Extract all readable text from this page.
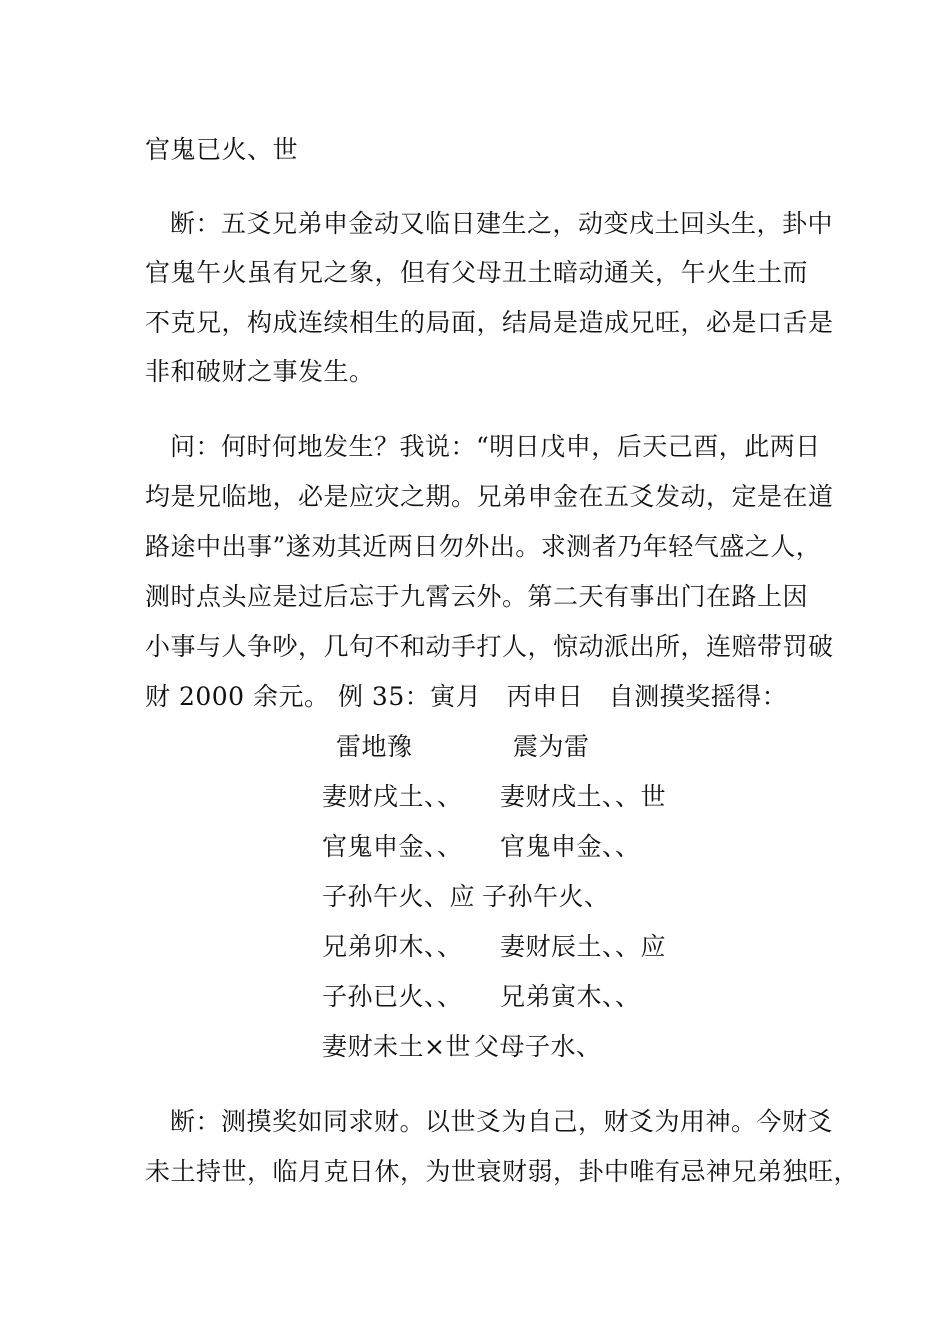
官鬼已火、世
断：五爻兄弟申金动又临日建生之，动变戌土回头生，卦中
官鬼午火虽有兄之象，但有父母丑土暗动通关，午火生土而
不克兄，构成连续相生的局面，结局是造成兄旺，必是口舌是
非和破财之事发生。
问：何时何地发生？我说：“明日戊申，后天己酉，此两日
均是兄临地，必是应灾之期。兄弟申金在五爻发动，定是在道
路途中出事”遂劝其近两日勿外出。求测者乃年轻气盛之人，
测时点头应是过后忘于九霄云外。第二天有事出门在路上因
小事与人争吵，几句不和动手打人，惊动派出所，连赔带罚破
财 2000 余元。 例 35：寅月　丙申日　自测摸奖摇得：
雷地豫	震为雷
妻财戌土、、 妻财戌土、、世
官鬼申金、、 官鬼申金、、
子孙午火、应 子孙午火、
兄弟卯木、、 妻财辰土、、应
子孙已火、、 兄弟寅木、、
妻财未土×世 父母子水、
断：测摸奖如同求财。以世爻为自己，财爻为用神。今财爻
未土持世，临月克日休，为世衰财弱，卦中唯有忌神兄弟独旺，
